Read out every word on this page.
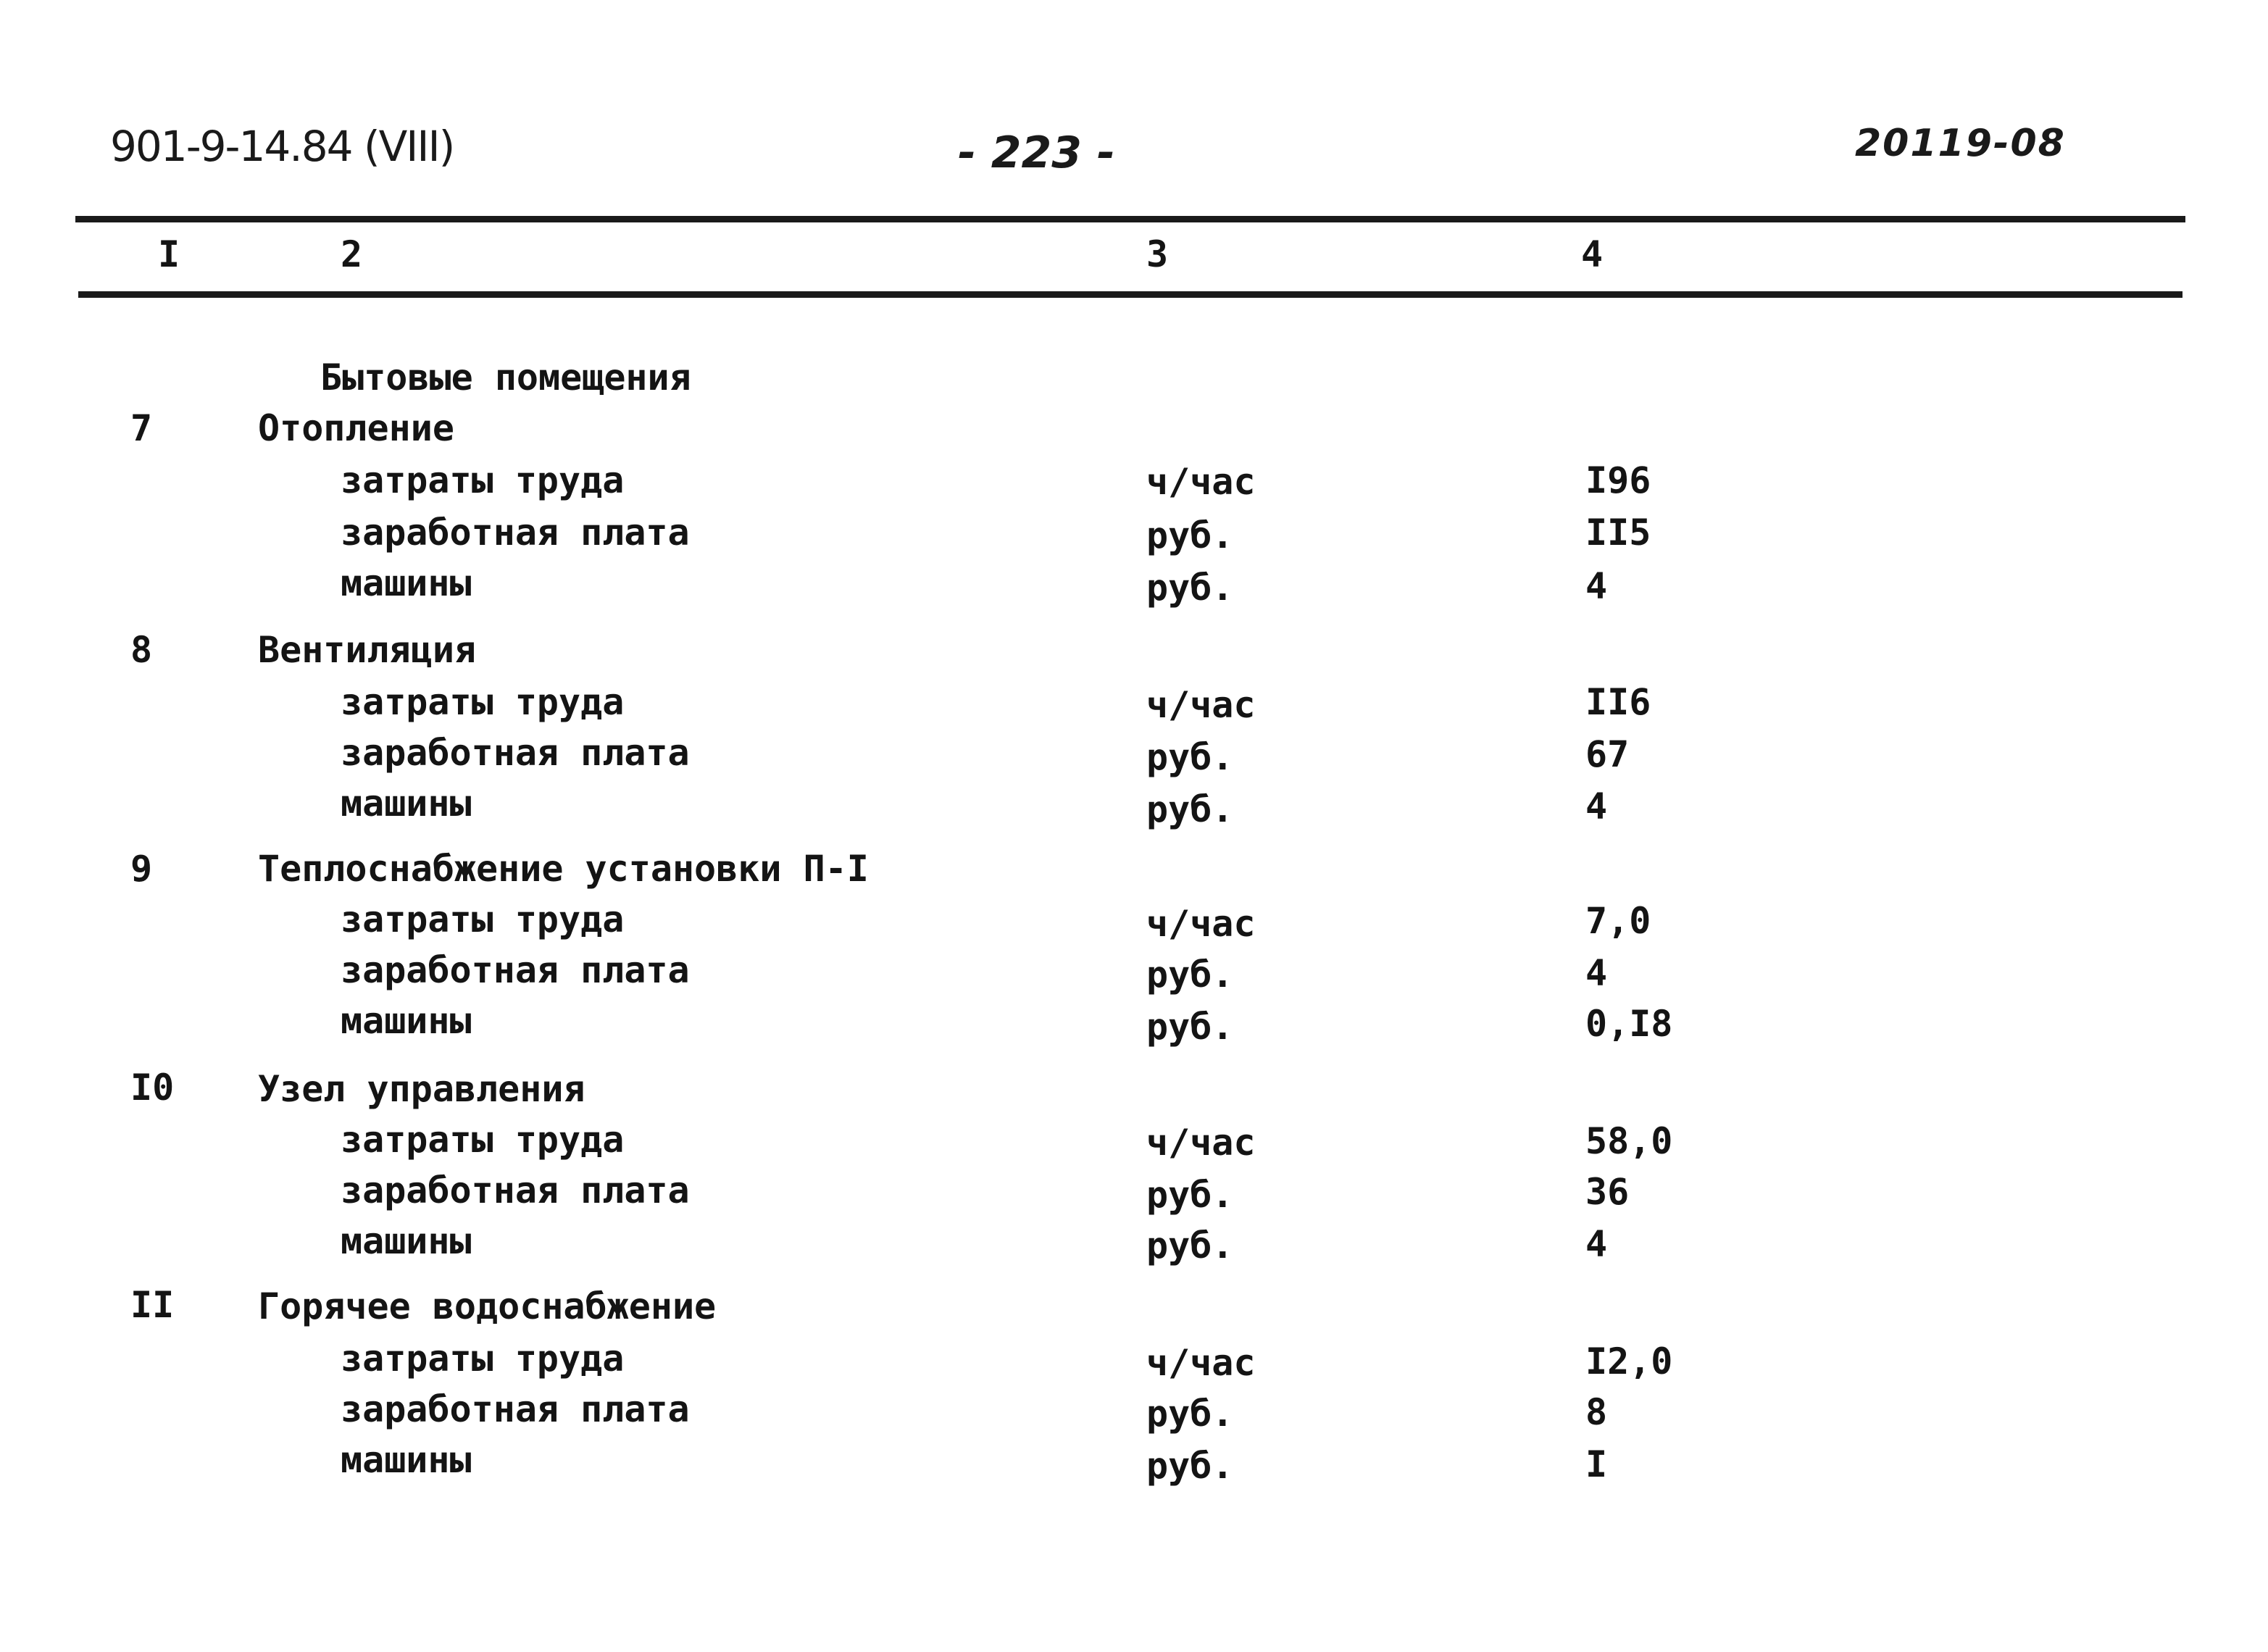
901-9-14.84 (VIII)	- 223 -	20119-08
I	2	3	4
Бытовые помещения
7	Отопление
затраты труда	ч/час	I96
заработная плата	руб.	II5
машины	руб.	4
8	Вентиляция
затраты труда	ч/час	II6
заработная плата	руб.	67
машины	руб.	4
9	Теплоснабжение установки П-I
затраты труда	ч/час	7,0
заработная плата	руб.	4
машины	руб.	0,I8
I0 Узел управления
затраты труда	ч/час	58,0
заработная плата	руб.	36
машины	руб.	4
II Горячее водоснабжение
затраты труда	ч/час	I2,0
заработная плата	руб.	8
машины	руб.	I
